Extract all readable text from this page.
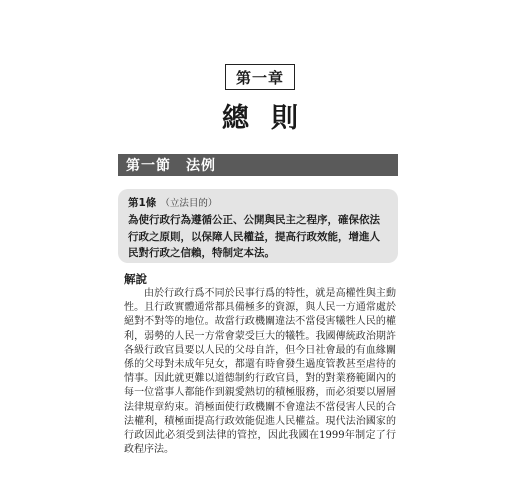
第一章
總則
第一節　法例
第1條 （立法目的）
為使行政行為遵循公正、公開與民主之程序，確保依法行政之原則，以保障人民權益，提高行政效能，增進人民對行政之信賴，特制定本法。
解說

由於行政行爲不同於民事行爲的特性，就是高權性與主動性。且行政實體通常都具備極多的資源，與人民一方通常處於絕對不對等的地位。故當行政機關違法不當侵害犧牲人民的權利，弱勢的人民一方常會蒙受巨大的犧牲。我國傳統政治期許各級行政官員要以人民的父母自許，但今日社會最的有血緣關係的父母對未成年兒女，都還有時會發生過度管教甚至虐待的情事。因此就更難以道德制約行政官員，對的對業務範圍內的每一位當事人都能作到親愛熱切的積極服務，而必須要以層層法律規章約束。消極面使行政機關不會違法不當侵害人民的合法權利，積極面提高行政效能促進人民權益。現代法治國家的行政因此必須受到法律的管控，因此我國在1999年制定了行政程序法。
